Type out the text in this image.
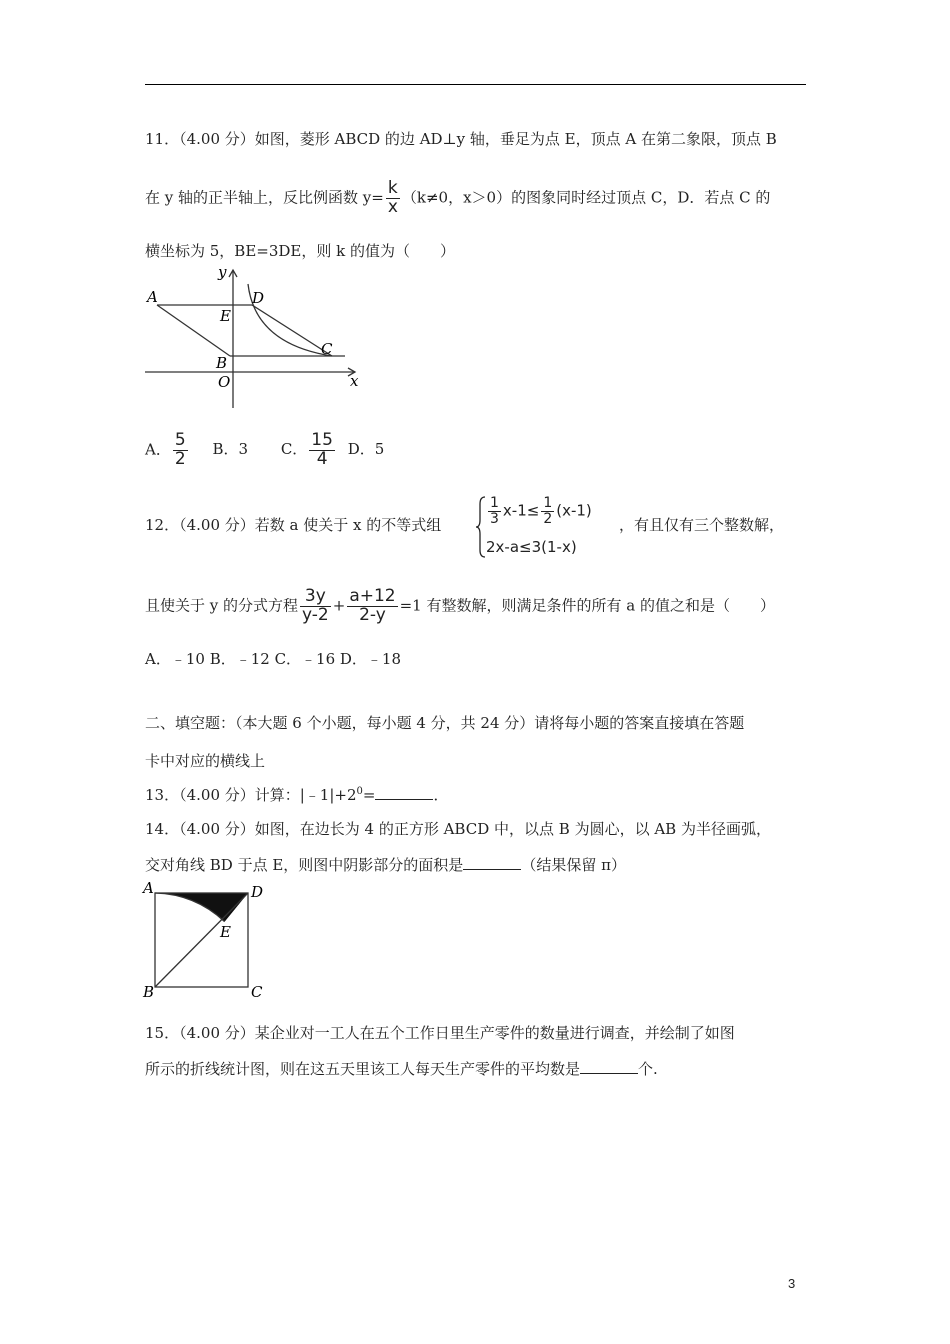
11．（4.00 分）如图，菱形 ABCD 的边 AD⊥y 轴，垂足为点 E，顶点 A 在第二象限，顶点 B
在 y 轴的正半轴上，反比例函数 $y= \frac{k}{x} (k\ne 0$，x＞0）的图象同时经过顶点 C，D．若点 C 的
横坐标为 5，BE=3DE，则 k 的值为（　　）
A	D
E
B
C
O	x
y
A． $\frac{5}{2}$ B．3 C． $\frac{15}{4}$ D．5
12．（4.00 分）若数 a 使关于 x 的不等式组	$\frac{1}{3} x-1\le \frac{1}{2} (x-1)$
2x-a≤3(1-x)
，有且仅有三个整数解，
且使关于 y 的分式方程 $\frac{3y}{y-2} + \frac{a+12}{2-y} =1$ 有整数解，则满足条件的所有 a 的值之和是（　　）
A．﹣10 B．﹣12 C．﹣16 D．﹣18
二、填空题：（本大题 6 个小题，每小题 4 分，共 24 分）请将每小题的答案直接填在答题
卡中对应的横线上
13．（4.00 分）计算：$|﹣1|+2^0=$	．
14．（4.00 分）如图，在边长为 4 的正方形 ABCD 中，以点 B 为圆心，以 AB 为半径画弧，
交对角线 BD 于点 E，则图中阴影部分的面积是	（结果保留 π）
A	D
E
B	C
15．（4.00 分）某企业对一工人在五个工作日里生产零件的数量进行调查，并绘制了如图
所示的折线统计图，则在这五天里该工人每天生产零件的平均数是	个.
3
